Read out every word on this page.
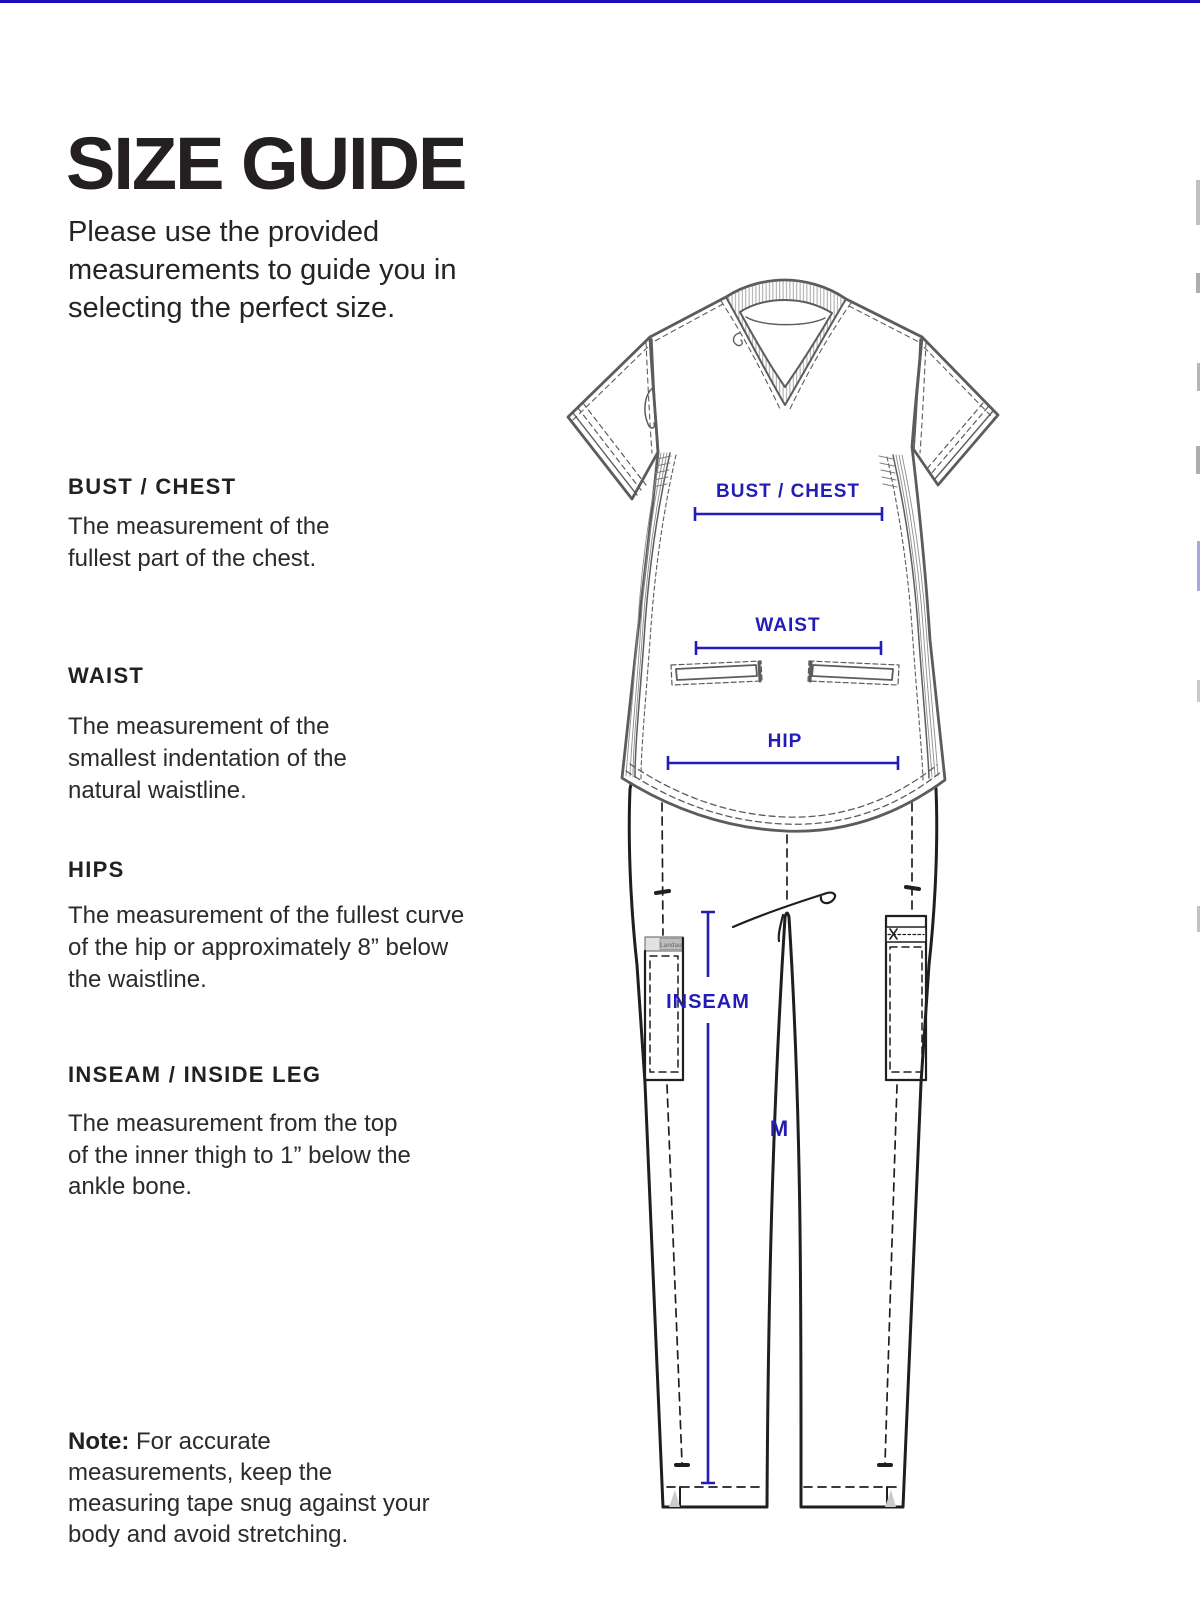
SIZE GUIDE

Please use the provided measurements to guide you in selecting the perfect size.

BUST / CHEST

The measurement of the fullest part of the chest.

WAIST

The measurement of the smallest indentation of the natural waistline.

HIPS

The measurement of the fullest curve of the hip or approximately 8” below the waistline.

INSEAM / INSIDE LEG

The measurement from the top of the inner thigh to 1” below the ankle bone.

Note: For accurate measurements, keep the measuring tape snug against your body and avoid stretching.

Landau
BUST / CHEST
WAIST
HIP
INSEAM
M
